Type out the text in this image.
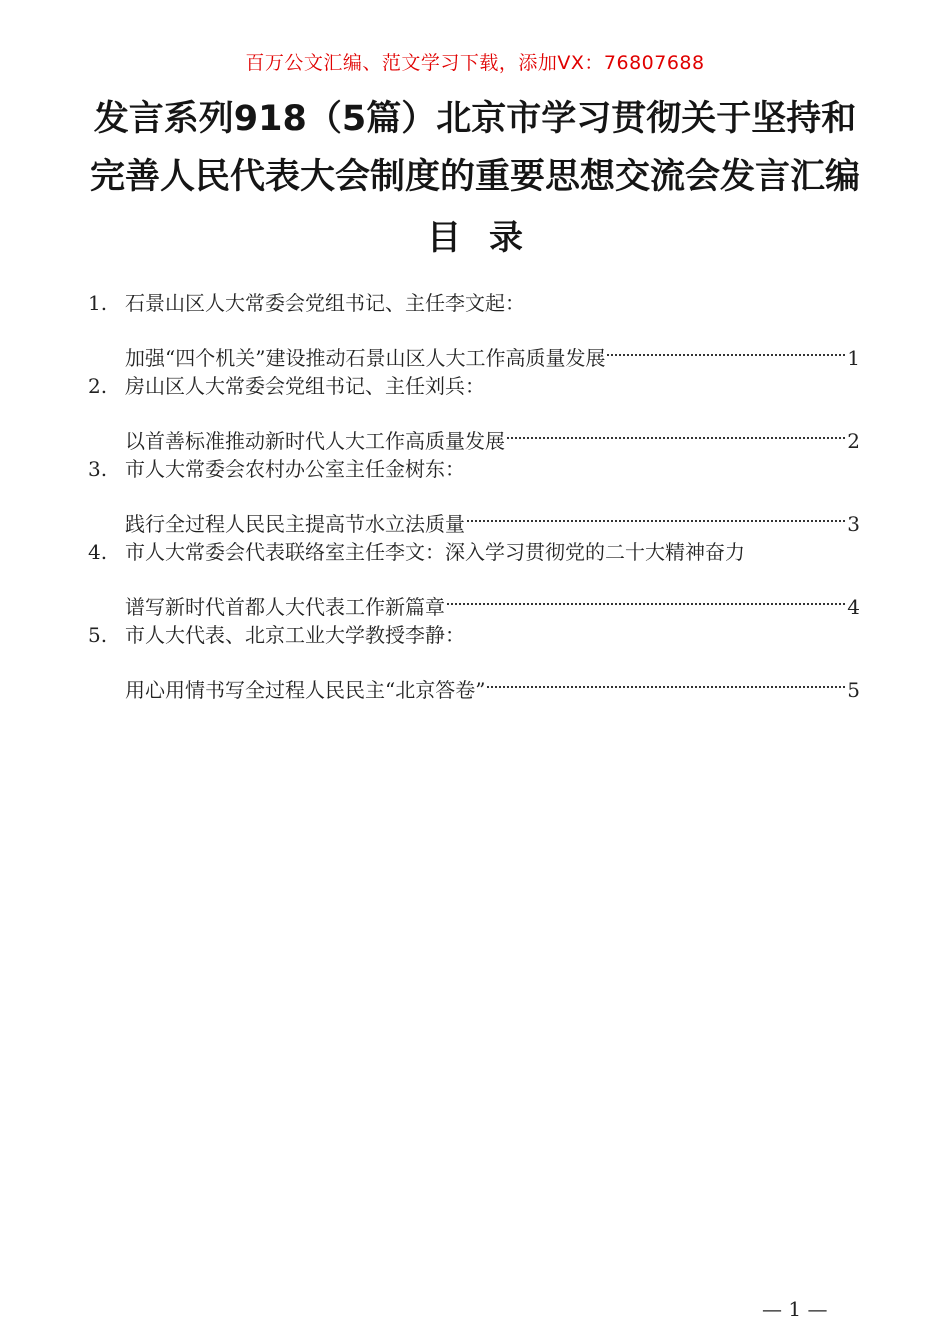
百万公文汇编、范文学习下载，添加VX：76807688
发言系列918（5篇）北京市学习贯彻关于坚持和
完善人民代表大会制度的重要思想交流会发言汇编
目录
1. 石景山区人大常委会党组书记、主任李文起：
加强“四个机关”建设推动石景山区人大工作高质量发展	1
2. 房山区人大常委会党组书记、主任刘兵：
以首善标准推动新时代人大工作高质量发展	2
3. 市人大常委会农村办公室主任金树东：
践行全过程人民民主提高节水立法质量	3
4. 市人大常委会代表联络室主任李文：深入学习贯彻党的二十大精神奋力
谱写新时代首都人大代表工作新篇章	4
5. 市人大代表、北京工业大学教授李静：
用心用情书写全过程人民民主“北京答卷”	5
— 1 —
